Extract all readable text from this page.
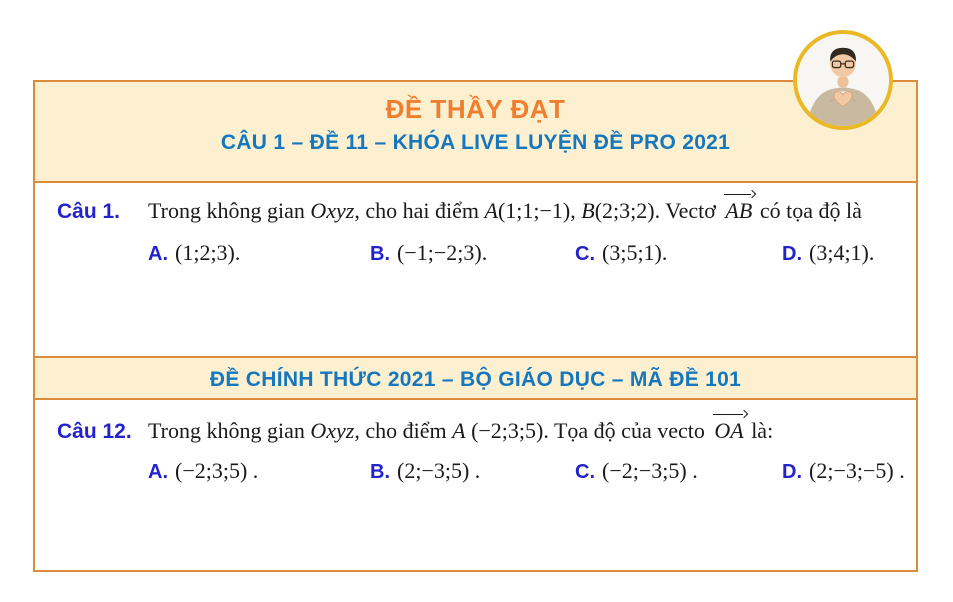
ĐỀ THẦY ĐẠT
CÂU 1 – ĐỀ 11 – KHÓA LIVE LUYỆN ĐỀ PRO 2021
Câu 1.	Trong không gian Oxyz, cho hai điểm A(1;1;−1), B(2;3;2). Vectơ AB có tọa độ là
A. (1;2;3).	B. (−1;−2;3).	C. (3;5;1).	D. (3;4;1).
ĐỀ CHÍNH THỨC 2021 – BỘ GIÁO DỤC – MÃ ĐỀ 101
Câu 12. Trong không gian Oxyz, cho điểm A (−2;3;5). Tọa độ của vecto OA là:
A. (−2;3;5) .	B. (2;−3;5) .	C. (−2;−3;5) .	D. (2;−3;−5) .
